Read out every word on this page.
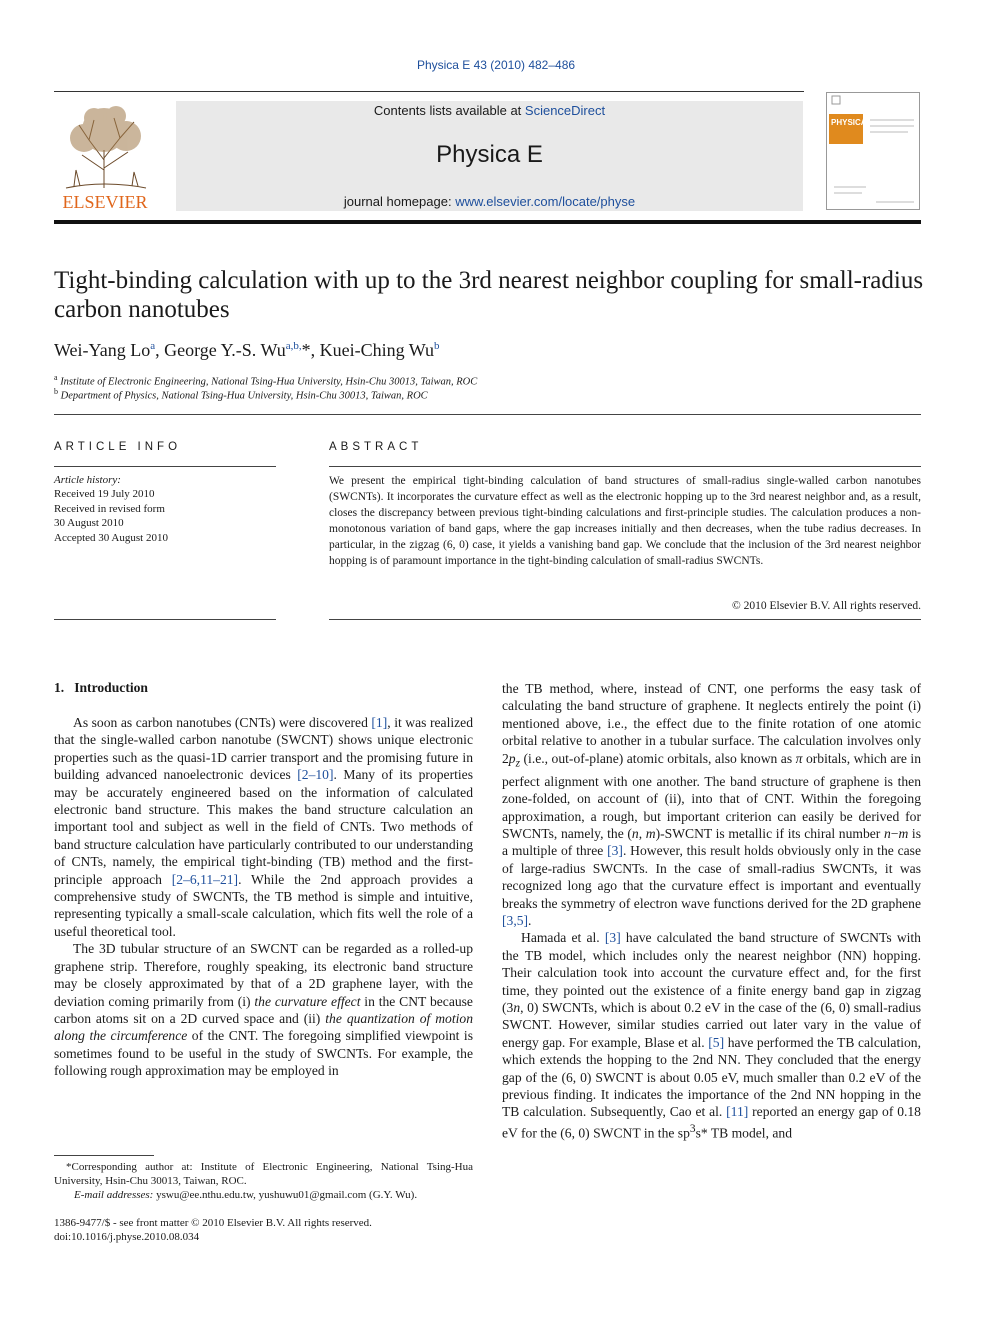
Physica E 43 (2010) 482–486
ELSEVIER
Contents lists available at ScienceDirect
Physica E
journal homepage: www.elsevier.com/locate/physe
PHYSICA
Tight-binding calculation with up to the 3rd nearest neighbor coupling for small-radius carbon nanotubes
Wei-Yang Lo$^a$, George Y.-S. $Wu^{a,b,}*$, Kuei-Ching Wu$^b$
$^a$ Institute of Electronic Engineering, National Tsing-Hua University, Hsin-Chu 30013, Taiwan, ROC
$^b$ Department of Physics, National Tsing-Hua University, Hsin-Chu 30013, Taiwan, ROC
ARTICLE INFO
Article history:
Received 19 July 2010
Received in revised form
30 August 2010
Accepted 30 August 2010
ABSTRACT
We present the empirical tight-binding calculation of band structures of small-radius single-walled carbon nanotubes (SWCNTs). It incorporates the curvature effect as well as the electronic hopping up to the 3rd nearest neighbor and, as a result, closes the discrepancy between previous tight-binding calculations and first-principle studies. The calculation produces a non-monotonous variation of band gaps, where the gap increases initially and then decreases, when the tube radius decreases. In particular, in the zigzag (6, 0) case, it yields a vanishing band gap. We conclude that the inclusion of the 3rd nearest neighbor hopping is of paramount importance in the tight-binding calculation of small-radius SWCNTs.
© 2010 Elsevier B.V. All rights reserved.
1. Introduction

As soon as carbon nanotubes (CNTs) were discovered [1], it was realized that the single-walled carbon nanotube (SWCNT) shows unique electronic properties such as the quasi-1D carrier transport and the promising future in building advanced nanoelectronic devices [2–10]. Many of its properties may be accurately engineered based on the information of calculated electronic band structure. This makes the band structure calculation an important tool and subject as well in the field of CNTs. Two methods of band structure calculation have particularly contributed to our understanding of CNTs, namely, the empirical tight-binding (TB) method and the first-principle approach [2–6,11–21]. While the 2nd approach provides a comprehensive study of SWCNTs, the TB method is simple and intuitive, representing typically a small-scale calculation, which fits well the role of a useful theoretical tool.

The 3D tubular structure of an SWCNT can be regarded as a rolled-up graphene strip. Therefore, roughly speaking, its electronic band structure may be closely approximated by that of a 2D graphene layer, with the deviation coming primarily from (i) the curvature effect in the CNT because carbon atoms sit on a 2D curved space and (ii) the quantization of motion along the circumference of the CNT. The foregoing simplified viewpoint is sometimes found to be useful in the study of SWCNTs. For example, the following rough approximation may be employed in

the TB method, where, instead of CNT, one performs the easy task of calculating the band structure of graphene. It neglects entirely the point (i) mentioned above, i.e., the effect due to the finite rotation of one atomic orbital relative to another in a tubular surface. The calculation involves only $2p_z$ (i.e., out-of-plane) atomic orbitals, also known as π orbitals, which are in perfect alignment with one another. The band structure of graphene is then zone-folded, on account of (ii), into that of CNT. Within the foregoing approximation, a rough, but important criterion can easily be derived for SWCNTs, namely, the (n, m)-SWCNT is metallic if its chiral number n−m is a multiple of three [3]. However, this result holds obviously only in the case of large-radius SWCNTs. In the case of small-radius SWCNTs, it was recognized long ago that the curvature effect is important and eventually breaks the symmetry of electron wave functions derived for the 2D graphene [3,5].

Hamada et al. [3] have calculated the band structure of SWCNTs with the TB model, which includes only the nearest neighbor (NN) hopping. Their calculation took into account the curvature effect and, for the first time, they pointed out the existence of a finite energy band gap in zigzag (3n, 0) SWCNTs, which is about 0.2 eV in the case of the (6, 0) small-radius SWCNT. However, similar studies carried out later vary in the value of energy gap. For example, Blase et al. [5] have performed the TB calculation, which extends the hopping to the 2nd NN. They concluded that the energy gap of the (6, 0) SWCNT is about 0.05 eV, much smaller than 0.2 eV of the previous finding. It indicates the importance of the 2nd NN hopping in the TB calculation. Subsequently, Cao et al. [11] reported an energy gap of 0.18 eV for the (6, 0) SWCNT in the $sp^3s*$ TB model, and

*Corresponding author at: Institute of Electronic Engineering, National Tsing-Hua University, Hsin-Chu 30013, Taiwan, ROC.
E-mail addresses: yswu@ee.nthu.edu.tw, yushuwu01@gmail.com (G.Y. Wu).
1386-9477/$ - see front matter © 2010 Elsevier B.V. All rights reserved.
doi:10.1016/j.physe.2010.08.034
